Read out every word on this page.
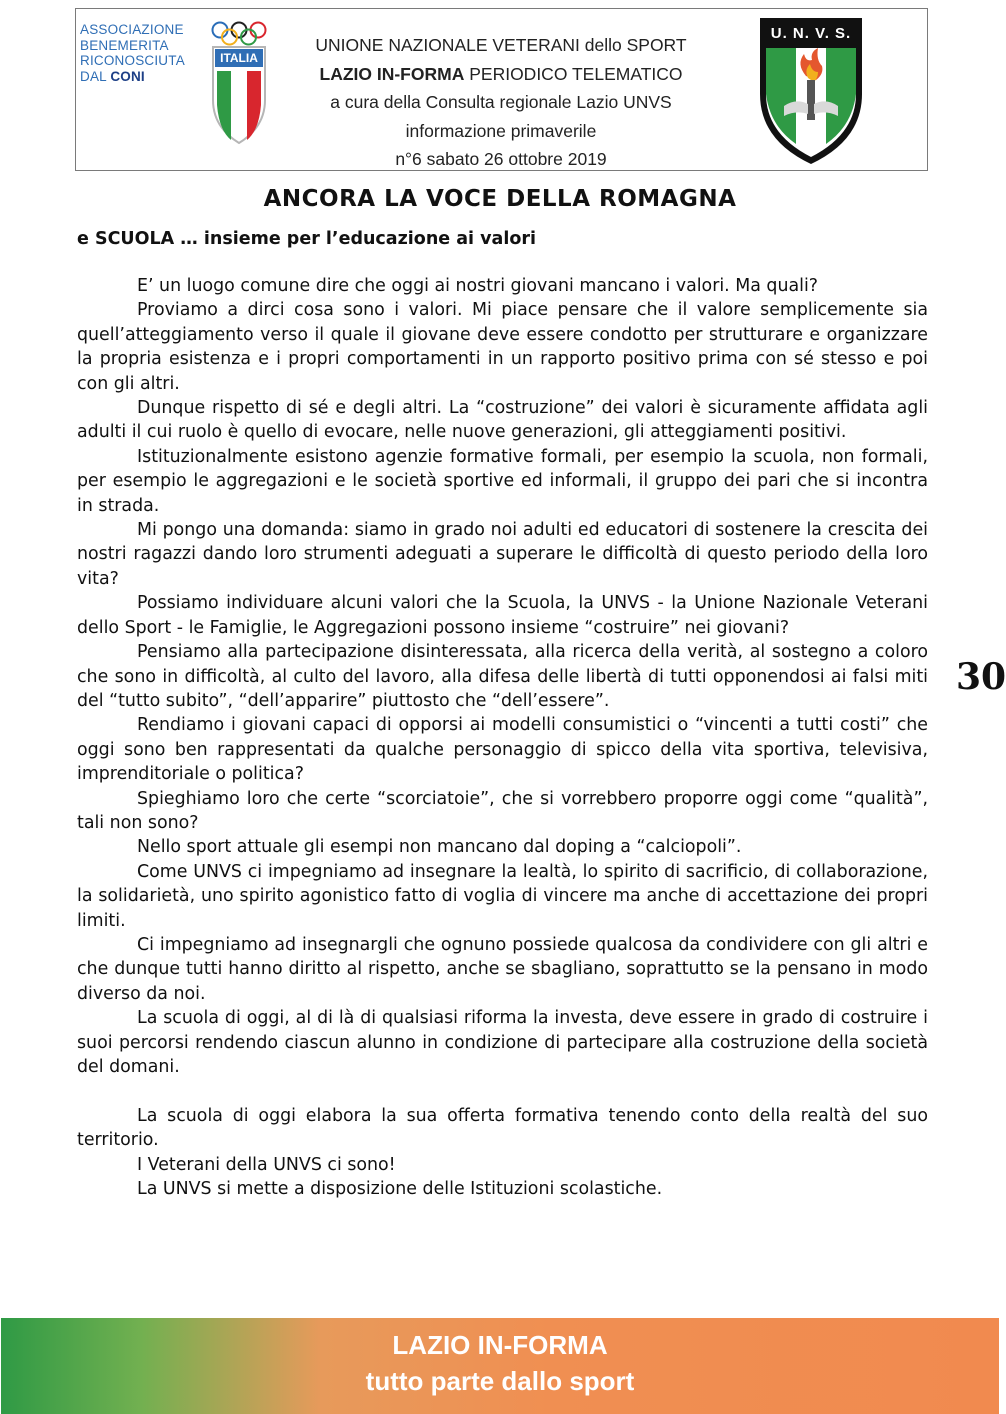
ASSOCIAZIONE
BENEMERITA
RICONOSCIUTA
DAL CONI
ITALIA
UNIONE NAZIONALE VETERANI dello SPORT
LAZIO IN-FORMA PERIODICO TELEMATICO
a cura della Consulta regionale Lazio UNVS
informazione primaverile
n°6 sabato 26 ottobre 2019
U. N. V. S.
ANCORA LA VOCE DELLA ROMAGNA
e SCUOLA … insieme per l’educazione ai valori

E’ un luogo comune dire che oggi ai nostri giovani mancano i valori. Ma quali?

Proviamo a dirci cosa sono i valori. Mi piace pensare che il valore semplicemente sia quell’atteggiamento verso il quale il giovane deve essere condotto per strutturare e organizzare la propria esistenza e i propri comportamenti in un rapporto positivo prima con sé stesso e poi con gli altri.

Dunque rispetto di sé e degli altri. La “costruzione” dei valori è sicuramente affidata agli adulti il cui ruolo è quello di evocare, nelle nuove generazioni, gli atteggiamenti positivi.

Istituzionalmente esistono agenzie formative formali, per esempio la scuola, non formali, per esempio le aggregazioni e le società sportive ed informali, il gruppo dei pari che si incontra in strada.

Mi pongo una domanda: siamo in grado noi adulti ed educatori di sostenere la crescita dei nostri ragazzi dando loro strumenti adeguati a superare le difficoltà di questo periodo della loro vita?

Possiamo individuare alcuni valori che la Scuola, la UNVS - la Unione Nazionale Veterani dello Sport - le Famiglie, le Aggregazioni possono insieme “costruire” nei giovani?

Pensiamo alla partecipazione disinteressata, alla ricerca della verità, al sostegno a coloro che sono in difficoltà, al culto del lavoro, alla difesa delle libertà di tutti opponendosi ai falsi miti del “tutto subito”, “dell’apparire” piuttosto che “dell’essere”.

Rendiamo i giovani capaci di opporsi ai modelli consumistici o “vincenti a tutti costi” che oggi sono ben rappresentati da qualche personaggio di spicco della vita sportiva, televisiva, imprenditoriale o politica?

Spieghiamo loro che certe “scorciatoie”, che si vorrebbero proporre oggi come “qualità”, tali non sono?

Nello sport attuale gli esempi non mancano dal doping a “calciopoli”.

Come UNVS ci impegniamo ad insegnare la lealtà, lo spirito di sacrificio, di collaborazione, la solidarietà, uno spirito agonistico fatto di voglia di vincere ma anche di accettazione dei propri limiti.

Ci impegniamo ad insegnargli che ognuno possiede qualcosa da condividere con gli altri e che dunque tutti hanno diritto al rispetto, anche se sbagliano, soprattutto se la pensano in modo diverso da noi.

La scuola di oggi, al di là di qualsiasi riforma la investa, deve essere in grado di costruire i suoi percorsi rendendo ciascun alunno in condizione di partecipare alla costruzione della società del domani.

La scuola di oggi elabora la sua offerta formativa tenendo conto della realtà del suo territorio.

I Veterani della UNVS ci sono!

La UNVS si mette a disposizione delle Istituzioni scolastiche.

30
LAZIO IN-FORMA
tutto parte dallo sport
